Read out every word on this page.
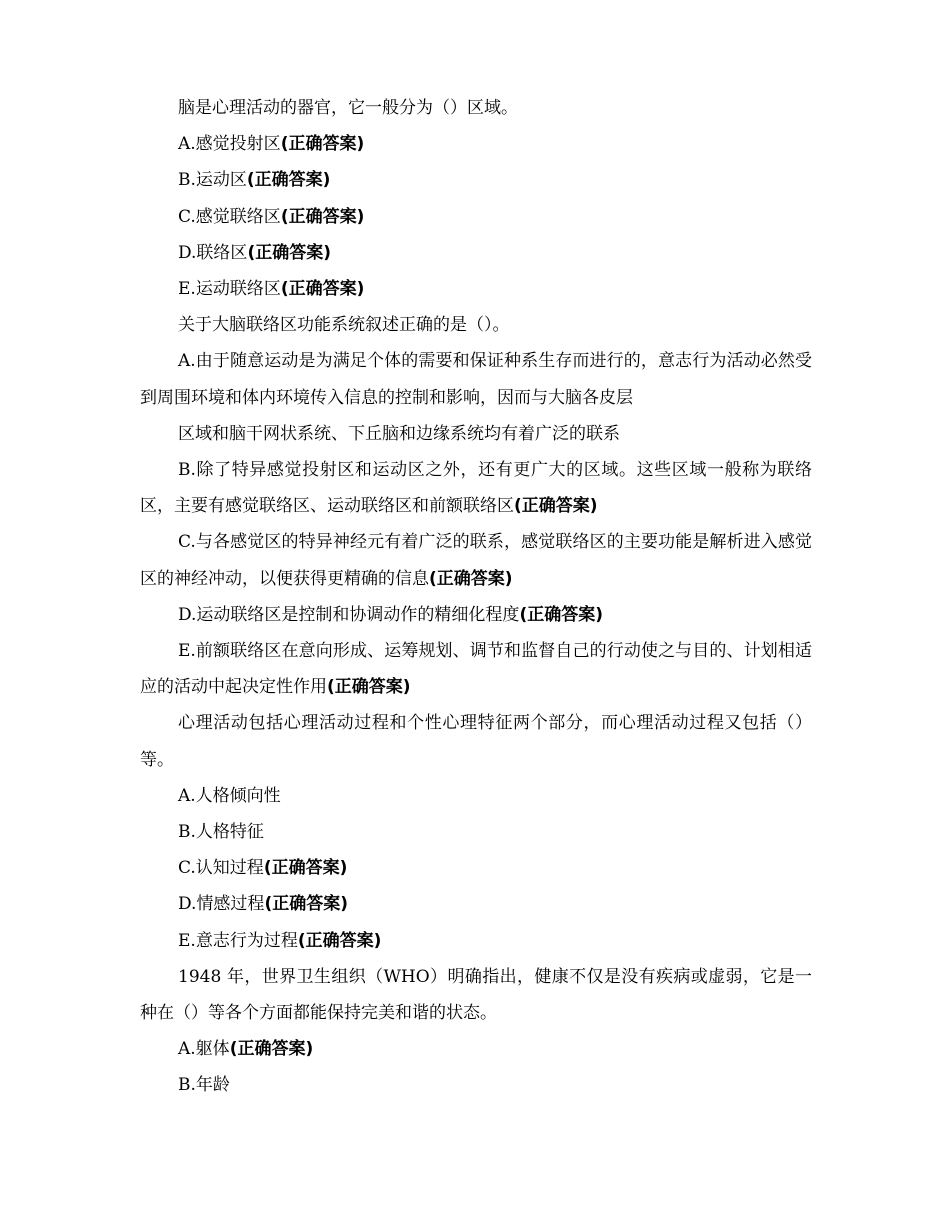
脑是心理活动的器官，它一般分为（）区域。

A.感觉投射区(正确答案)

B.运动区(正确答案)

C.感觉联络区(正确答案)

D.联络区(正确答案)

E.运动联络区(正确答案)

关于大脑联络区功能系统叙述正确的是（）。

A.由于随意运动是为满足个体的需要和保证种系生存而进行的，意志行为活动必然受到周围环境和体内环境传入信息的控制和影响，因而与大脑各皮层

区域和脑干网状系统、下丘脑和边缘系统均有着广泛的联系

B.除了特异感觉投射区和运动区之外，还有更广大的区域。这些区域一般称为联络区，主要有感觉联络区、运动联络区和前额联络区(正确答案)

C.与各感觉区的特异神经元有着广泛的联系，感觉联络区的主要功能是解析进入感觉区的神经冲动，以便获得更精确的信息(正确答案)

D.运动联络区是控制和协调动作的精细化程度(正确答案)

E.前额联络区在意向形成、运筹规划、调节和监督自己的行动使之与目的、计划相适应的活动中起决定性作用(正确答案)

心理活动包括心理活动过程和个性心理特征两个部分，而心理活动过程又包括（）等。

A.人格倾向性

B.人格特征

C.认知过程(正确答案)

D.情感过程(正确答案)

E.意志行为过程(正确答案)

1948 年，世界卫生组织（WHO）明确指出，健康不仅是没有疾病或虚弱，它是一种在（）等各个方面都能保持完美和谐的状态。

A.躯体(正确答案)

B.年龄
